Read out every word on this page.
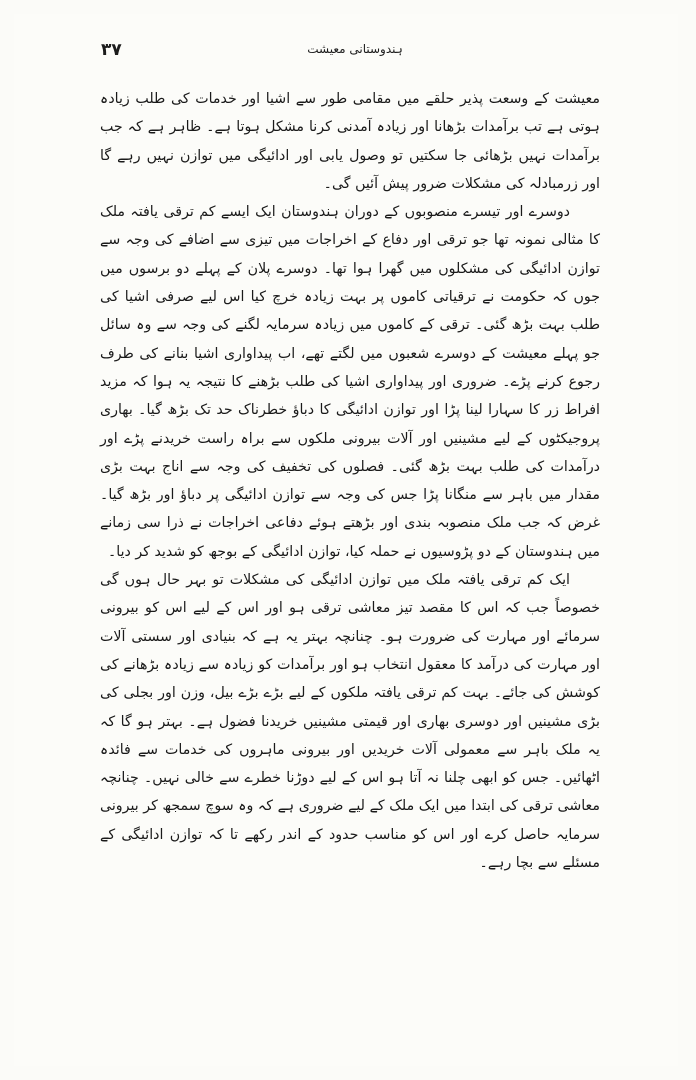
۳۷	ہندوستانی معیشت

معیشت کے وسعت پذیر حلقے میں مقامی طور سے اشیا اور خدمات کی طلب زیادہ ہوتی ہے تب برآمدات بڑھانا اور زیادہ آمدنی کرنا مشکل ہوتا ہے۔ ظاہر ہے کہ جب برآمدات نہیں بڑھائی جا سکتیں تو وصول یابی اور ادائیگی میں توازن نہیں رہے گا اور زرمبادلہ کی مشکلات ضرور پیش آئیں گی۔

دوسرے اور تیسرے منصوبوں کے دوران ہندوستان ایک ایسے کم ترقی یافتہ ملک کا مثالی نمونہ تھا جو ترقی اور دفاع کے اخراجات میں تیزی سے اضافے کی وجہ سے توازن ادائیگی کی مشکلوں میں گھرا ہوا تھا۔ دوسرے پلان کے پہلے دو برسوں میں جوں کہ حکومت نے ترقیاتی کاموں پر بہت زیادہ خرچ کیا اس لیے صرفی اشیا کی طلب بہت بڑھ گئی۔ ترقی کے کاموں میں زیادہ سرمایہ لگنے کی وجہ سے وہ سائل جو پہلے معیشت کے دوسرے شعبوں میں لگتے تھے، اب پیداواری اشیا بنانے کی طرف رجوع کرنے پڑے۔ ضروری اور پیداواری اشیا کی طلب بڑھنے کا نتیجہ یہ ہوا کہ مزید افراط زر کا سہارا لینا پڑا اور توازن ادائیگی کا دباؤ خطرناک حد تک بڑھ گیا۔ بھاری پروجیکٹوں کے لیے مشینیں اور آلات بیرونی ملکوں سے براہ راست خریدنے پڑے اور درآمدات کی طلب بہت بڑھ گئی۔ فصلوں کی تخفیف کی وجہ سے اناج بہت بڑی مقدار میں باہر سے منگانا پڑا جس کی وجہ سے توازن ادائیگی پر دباؤ اور بڑھ گیا۔ غرض کہ جب ملک منصوبہ بندی اور بڑھتے ہوئے دفاعی اخراجات نے ذرا سی زمانے میں ہندوستان کے دو پڑوسیوں نے حملہ کیا، توازن ادائیگی کے بوجھ کو شدید کر دیا۔

ایک کم ترقی یافتہ ملک میں توازن ادائیگی کی مشکلات تو بہر حال ہوں گی خصوصاً جب کہ اس کا مقصد تیز معاشی ترقی ہو اور اس کے لیے اس کو بیرونی سرمائے اور مہارت کی ضرورت ہو۔ چنانچہ بہتر یہ ہے کہ بنیادی اور سستی آلات اور مہارت کی درآمد کا معقول انتخاب ہو اور برآمدات کو زیادہ سے زیادہ بڑھانے کی کوشش کی جائے۔ بہت کم ترقی یافتہ ملکوں کے لیے بڑے بڑے بیل، وزن اور بجلی کی بڑی مشینیں اور دوسری بھاری اور قیمتی مشینیں خریدنا فضول ہے۔ بہتر ہو گا کہ یہ ملک باہر سے معمولی آلات خریدیں اور بیرونی ماہروں کی خدمات سے فائدہ اٹھائیں۔ جس کو ابھی چلنا نہ آتا ہو اس کے لیے دوڑنا خطرے سے خالی نہیں۔ چنانچہ معاشی ترقی کی ابتدا میں ایک ملک کے لیے ضروری ہے کہ وہ سوچ سمجھ کر بیرونی سرمایہ حاصل کرے اور اس کو مناسب حدود کے اندر رکھے تا کہ توازن ادائیگی کے مسئلے سے بچا رہے۔
